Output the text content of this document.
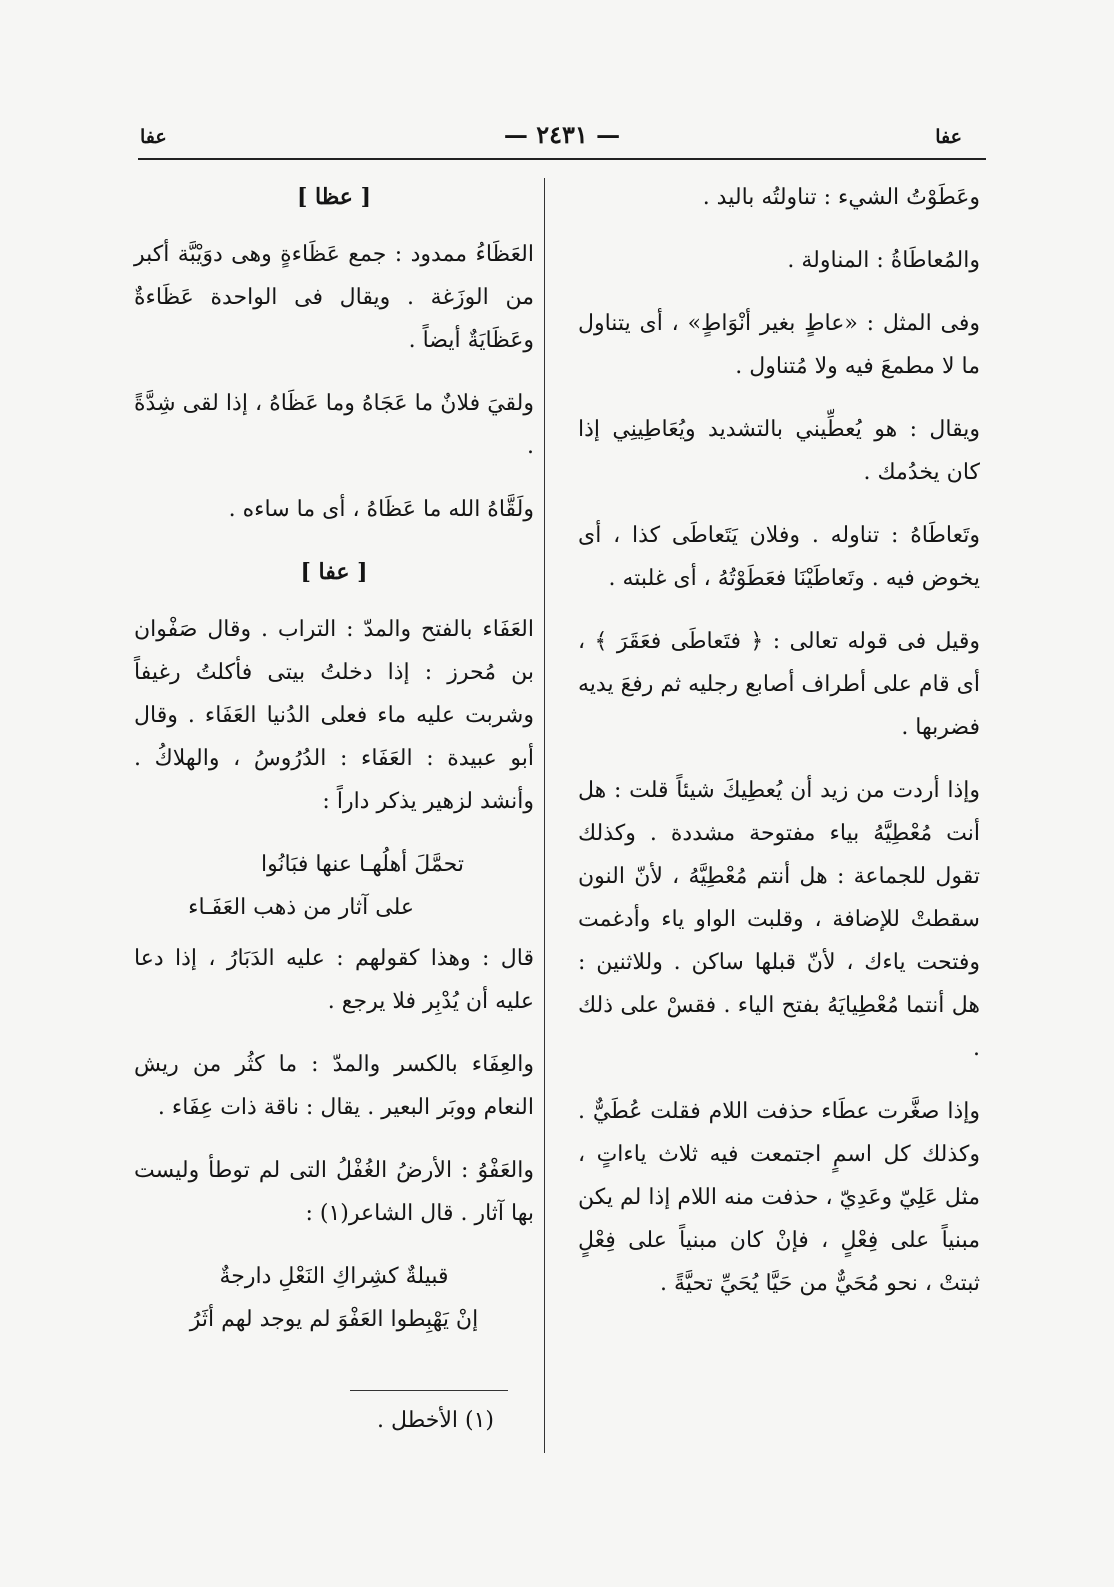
عفا
— ٢٤٣١ —
عفا

وعَطَوْتُ الشيء : تناولتُه باليد .

والمُعاطَاةُ : المناولة .

وفى المثل : «عاطٍ بغير أنْوَاطٍ» ، أى يتناول ما لا مطمعَ فيه ولا مُتناول .

ويقال : هو يُعطِّيني بالتشديد ويُعَاطِينِي إذا كان يخدُمك .

وتَعاطَاهُ : تناوله . وفلان يَتَعاطَى كذا ، أى يخوض فيه . وتَعاطَيْنَا فعَطَوْتُهُ ، أى غلبته .

وقيل فى قوله تعالى : ﴿ فتَعاطَى فعَقَرَ ﴾ ، أى قام على أطراف أصابع رجليه ثم رفعَ يديه فضربها .

وإذا أردت من زيد أن يُعطِيكَ شيئاً قلت : هل أنت مُعْطِيَّهُ بياء مفتوحة مشددة . وكذلك تقول للجماعة : هل أنتم مُعْطِيَّهُ ، لأنّ النون سقطتْ للإضافة ، وقلبت الواو ياء وأدغمت وفتحت ياءك ، لأنّ قبلها ساكن . وللاثنين : هل أنتما مُعْطِيايَهُ بفتح الياء . فقسْ على ذلك .

وإذا صغَّرت عطَاء حذفت اللام فقلت عُطَيٌّ . وكذلك كل اسمٍ اجتمعت فيه ثلاث ياءاتٍ ، مثل عَلِيّ وعَدِيّ ، حذفت منه اللام إذا لم يكن مبنياً على فِعْلٍ ، فإنْ كان مبنياً على فِعْلٍ ثبتتْ ، نحو مُحَيٌّ من حَيَّا يُحَيِّ تحيَّةً .

[ عظا ]

العَظَاءُ ممدود : جمع عَظَاءةٍ وهى دوَيْبَّة أكبر من الوزَغة . ويقال فى الواحدة عَظَاءةٌ وعَظَايَةٌ أيضاً .

ولقيَ فلانٌ ما عَجَاهُ وما عَظَاهُ ، إذا لقى شِدَّةً .

ولَقَّاهُ الله ما عَظَاهُ ، أى ما ساءه .

[ عفا ]

العَفَاء بالفتح والمدّ : التراب . وقال صَفْوان بن مُحرز : إذا دخلتُ بيتى فأكلتُ رغيفاً وشربت عليه ماء فعلى الدُنيا العَفَاء . وقال أبو عبيدة : العَفَاء : الدُرُوسُ ، والهلاكُ . وأنشد لزهير يذكر داراً :

تحمَّلَ أهلُهـا عنها فبَانُوا

على آثار من ذهب العَفَـاء

قال : وهذا كقولهم : عليه الدَبَارُ ، إذا دعا عليه أن يُدْبِر فلا يرجع .

والعِفَاء بالكسر والمدّ : ما كثُر من ريش النعام ووبَر البعير . يقال : ناقة ذات عِفَاء .

والعَفْوُ : الأرضُ الغُفْلُ التى لم توطأ وليست بها آثار . قال الشاعر(١) :

قبيلةٌ كشِراكِ النَعْلِ دارجةٌ

إنْ يَهْبِطوا العَفْوَ لم يوجد لهم أثَرُ

(١) الأخطل .
